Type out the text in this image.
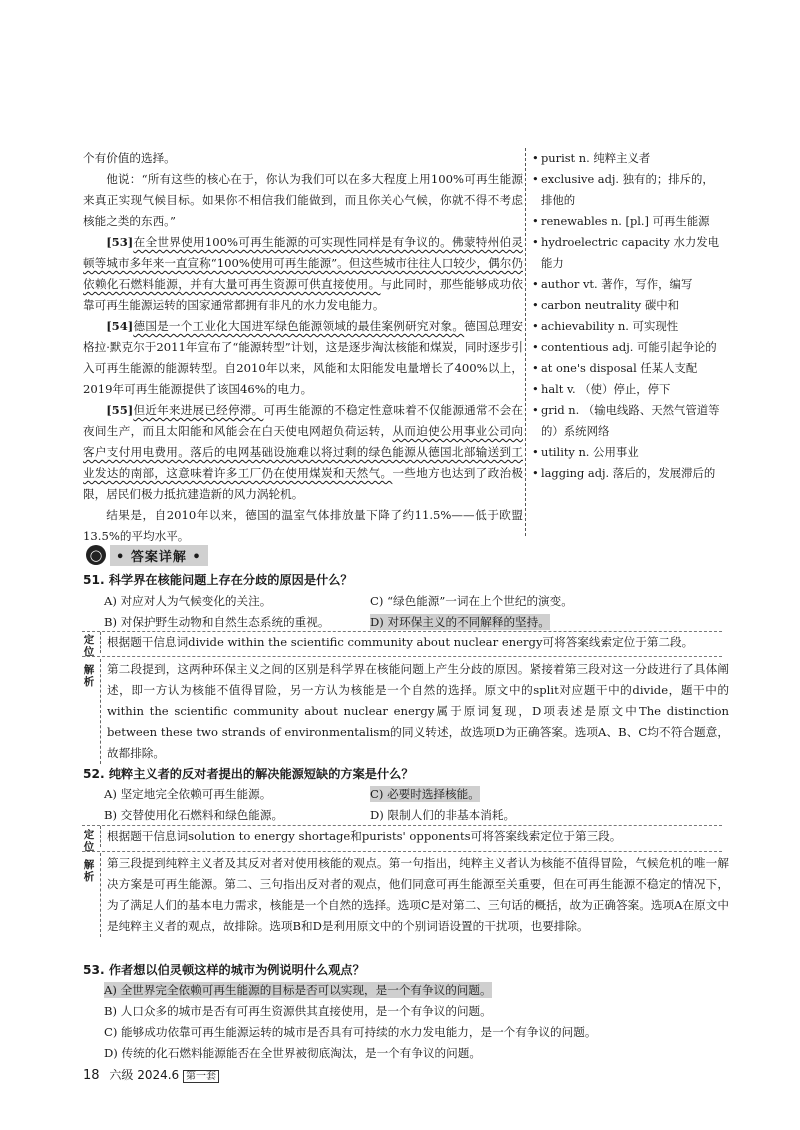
个有价值的选择。

他说：“所有这些的核心在于，你认为我们可以在多大程度上用100%可再生能源来真正实现气候目标。如果你不相信我们能做到，而且你关心气候，你就不得不考虑核能之类的东西。”

[53]在全世界使用100%可再生能源的可实现性同样是有争议的。佛蒙特州伯灵顿等城市多年来一直宣称“100%使用可再生能源”。但这些城市往往人口较少，偶尔仍依赖化石燃料能源，并有大量可再生资源可供直接使用。与此同时，那些能够成功依靠可再生能源运转的国家通常都拥有非凡的水力发电能力。

[54]德国是一个工业化大国进军绿色能源领域的最佳案例研究对象。德国总理安格拉·默克尔于2011年宣布了“能源转型”计划，这是逐步淘汰核能和煤炭，同时逐步引入可再生能源的能源转型。自2010年以来，风能和太阳能发电量增长了400%以上，2019年可再生能源提供了该国46%的电力。

[55]但近年来进展已经停滞。可再生能源的不稳定性意味着不仅能源通常不会在夜间生产，而且太阳能和风能会在白天使电网超负荷运转，从而迫使公用事业公司向客户支付用电费用。落后的电网基础设施难以将过剩的绿色能源从德国北部输送到工业发达的南部，这意味着许多工厂仍在使用煤炭和天然气。一些地方也达到了政治极限，居民们极力抵抗建造新的风力涡轮机。

结果是，自2010年以来，德国的温室气体排放量下降了约11.5%——低于欧盟13.5%的平均水平。

• purist n. 纯粹主义者
• exclusive adj. 独有的；排斥的，排他的
• renewables n. [pl.] 可再生能源
• hydroelectric capacity 水力发电能力
• author vt. 著作，写作，编写
• carbon neutrality 碳中和
• achievability n. 可实现性
• contentious adj. 可能引起争论的
• at one's disposal 任某人支配
• halt v. （使）停止，停下
• grid n. （输电线路、天然气管道等的）系统网络
• utility n. 公用事业
• lagging adj. 落后的，发展滞后的
◯	• 答案详解 •
51. 科学界在核能问题上存在分歧的原因是什么？
A) 对应对人为气候变化的关注。	C) “绿色能源”一词在上个世纪的演变。
B) 对保护野生动物和自然生态系统的重视。	D) 对环保主义的不同解释的坚持。
定
位
根据题干信息词divide within the scientific community about nuclear energy可将答案线索定位于第二段。
解
析
第二段提到，这两种环保主义之间的区别是科学界在核能问题上产生分歧的原因。紧接着第三段对这一分歧进行了具体阐述，即一方认为核能不值得冒险，另一方认为核能是一个自然的选择。原文中的split对应题干中的divide，题干中的within the scientific community about nuclear energy属于原词复现，D项表述是原文中The distinction between these two strands of environmentalism的同义转述，故选项D为正确答案。选项A、B、C均不符合题意，故都排除。
52. 纯粹主义者的反对者提出的解决能源短缺的方案是什么？
A) 坚定地完全依赖可再生能源。	C) 必要时选择核能。
B) 交替使用化石燃料和绿色能源。	D) 限制人们的非基本消耗。
定
位
根据题干信息词solution to energy shortage和purists' opponents可将答案线索定位于第三段。
解
析
第三段提到纯粹主义者及其反对者对使用核能的观点。第一句指出，纯粹主义者认为核能不值得冒险，气候危机的唯一解决方案是可再生能源。第二、三句指出反对者的观点，他们同意可再生能源至关重要，但在可再生能源不稳定的情况下，为了满足人们的基本电力需求，核能是一个自然的选择。选项C是对第二、三句话的概括，故为正确答案。选项A在原文中是纯粹主义者的观点，故排除。选项B和D是利用原文中的个别词语设置的干扰项，也要排除。
53. 作者想以伯灵顿这样的城市为例说明什么观点？
A) 全世界完全依赖可再生能源的目标是否可以实现，是一个有争议的问题。
B) 人口众多的城市是否有可再生资源供其直接使用，是一个有争议的问题。
C) 能够成功依靠可再生能源运转的城市是否具有可持续的水力发电能力，是一个有争议的问题。
D) 传统的化石燃料能源能否在全世界被彻底淘汰，是一个有争议的问题。
18 六级 2024.6 第一套
